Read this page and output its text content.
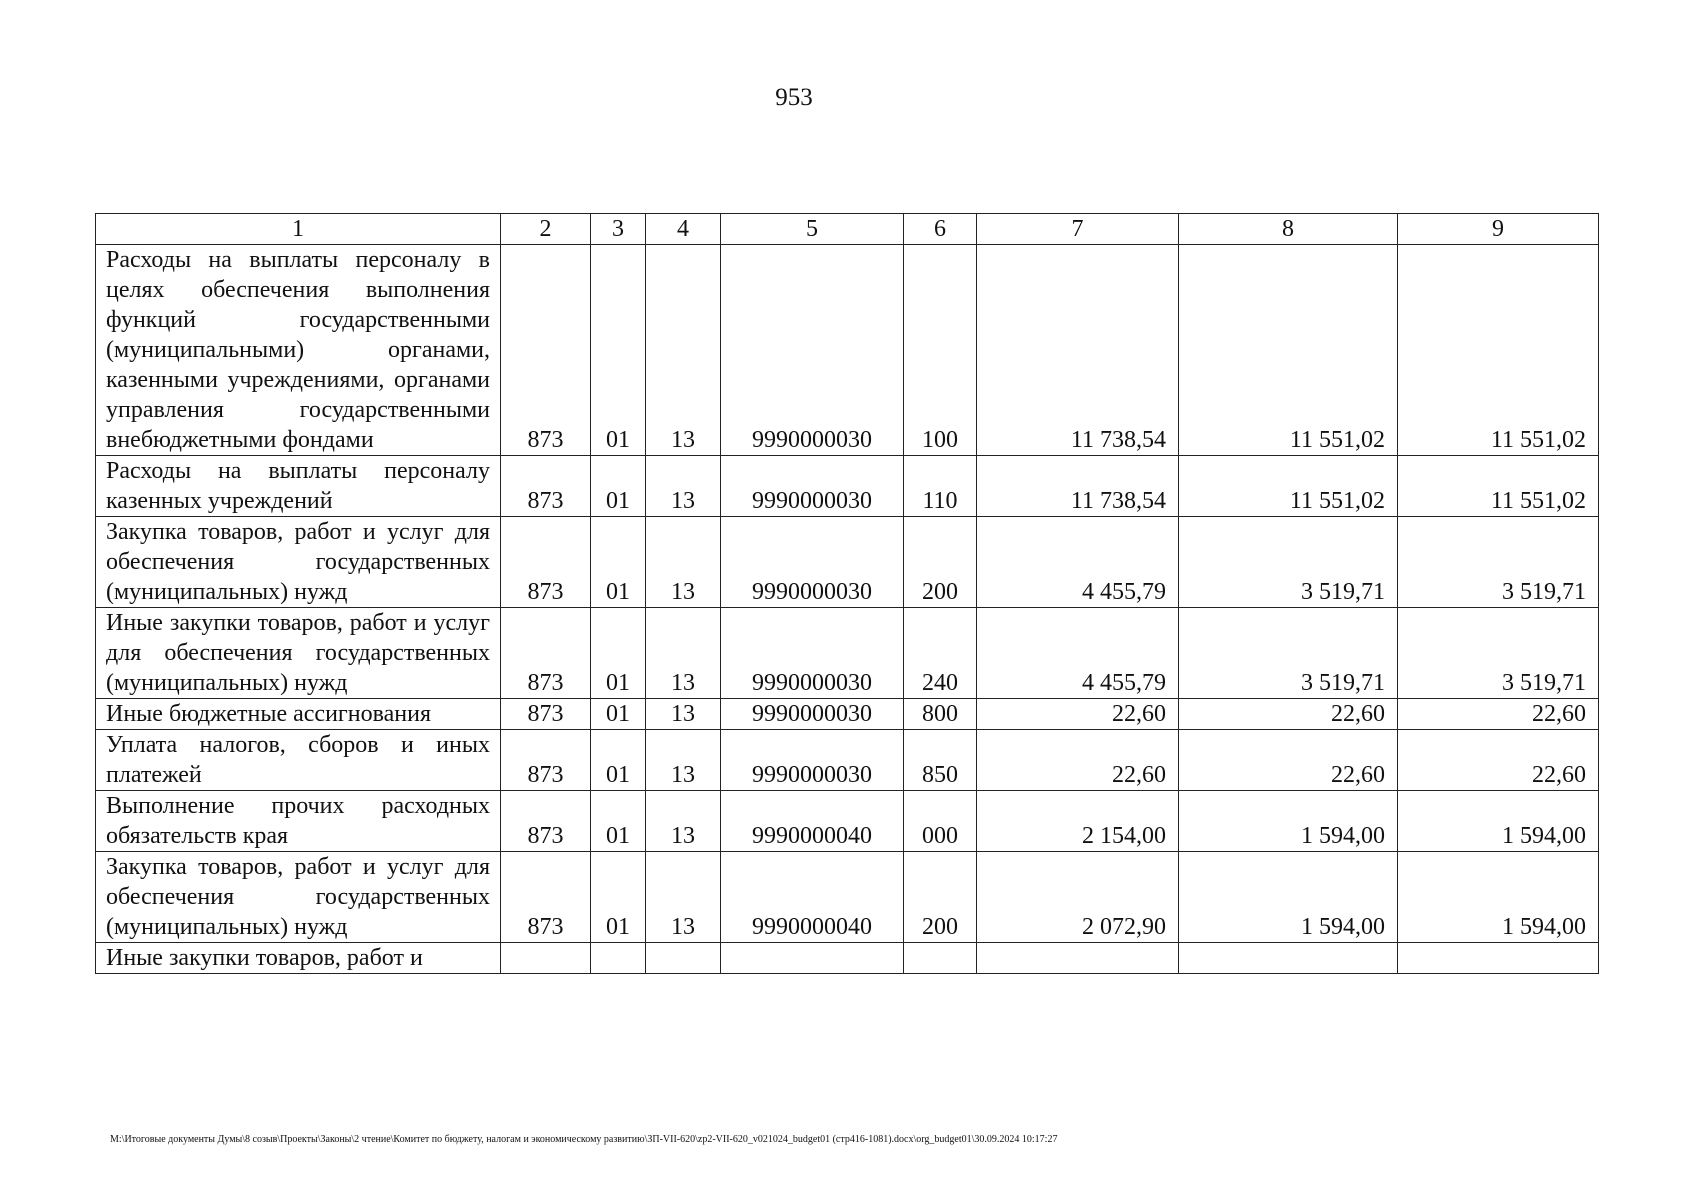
953
1	2	3	4	5	6	7	8	9
Расходы на выплаты персоналу в целях обеспечения выполнения функций государственными (муниципальными) органами, казенными учреждениями, органами управления государственными внебюджетными фондами	873	01	13	9990000030	100	11 738,54	11 551,02	11 551,02
Расходы на выплаты персоналу казенных учреждений	873	01	13	9990000030	110	11 738,54	11 551,02	11 551,02
Закупка товаров, работ и услуг для обеспечения государственных (муниципальных) нужд	873	01	13	9990000030	200	4 455,79	3 519,71	3 519,71
Иные закупки товаров, работ и услуг для обеспечения государственных (муниципальных) нужд	873	01	13	9990000030	240	4 455,79	3 519,71	3 519,71
Иные бюджетные ассигнования	873	01	13	9990000030	800	22,60	22,60	22,60
Уплата налогов, сборов и иных платежей	873	01	13	9990000030	850	22,60	22,60	22,60
Выполнение прочих расходных обязательств края	873	01	13	9990000040	000	2 154,00	1 594,00	1 594,00
Закупка товаров, работ и услуг для обеспечения государственных (муниципальных) нужд	873	01	13	9990000040	200	2 072,90	1 594,00	1 594,00
Иные закупки товаров, работ и								
M:\Итоговые документы Думы\8 созыв\Проекты\Законы\2 чтение\Комитет по бюджету, налогам и экономическому развитию\ЗП-VII-620\zp2-VII-620_v021024_budget01 (стр416-1081).docx\org_budget01\30.09.2024 10:17:27
